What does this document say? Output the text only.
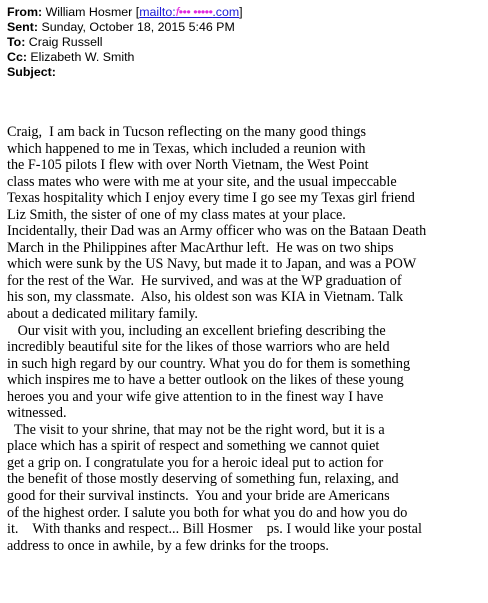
From: William Hosmer [mailto:f••• •••••.com]
Sent: Sunday, October 18, 2015 5:46 PM
To: Craig Russell
Cc: Elizabeth W. Smith
Subject:
Craig,  I am back in Tucson reflecting on the many good things
which happened to me in Texas, which included a reunion with
the F-105 pilots I flew with over North Vietnam, the West Point
class mates who were with me at your site, and the usual impeccable
Texas hospitality which I enjoy every time I go see my Texas girl friend
Liz Smith, the sister of one of my class mates at your place.
Incidentally, their Dad was an Army officer who was on the Bataan Death
March in the Philippines after MacArthur left.  He was on two ships
which were sunk by the US Navy, but made it to Japan, and was a POW
for the rest of the War.  He survived, and was at the WP graduation of
his son, my classmate.  Also, his oldest son was KIA in Vietnam. Talk
about a dedicated military family.
Our visit with you, including an excellent briefing describing the
incredibly beautiful site for the likes of those warriors who are held
in such high regard by our country. What you do for them is something
which inspires me to have a better outlook on the likes of these young
heroes you and your wife give attention to in the finest way I have
witnessed.
The visit to your shrine, that may not be the right word, but it is a
place which has a spirit of respect and something we cannot quiet
get a grip on. I congratulate you for a heroic ideal put to action for
the benefit of those mostly deserving of something fun, relaxing, and
good for their survival instincts.  You and your bride are Americans
of the highest order. I salute you both for what you do and how you do
it.    With thanks and respect... Bill Hosmer    ps. I would like your postal
address to once in awhile, by a few drinks for the troops.
